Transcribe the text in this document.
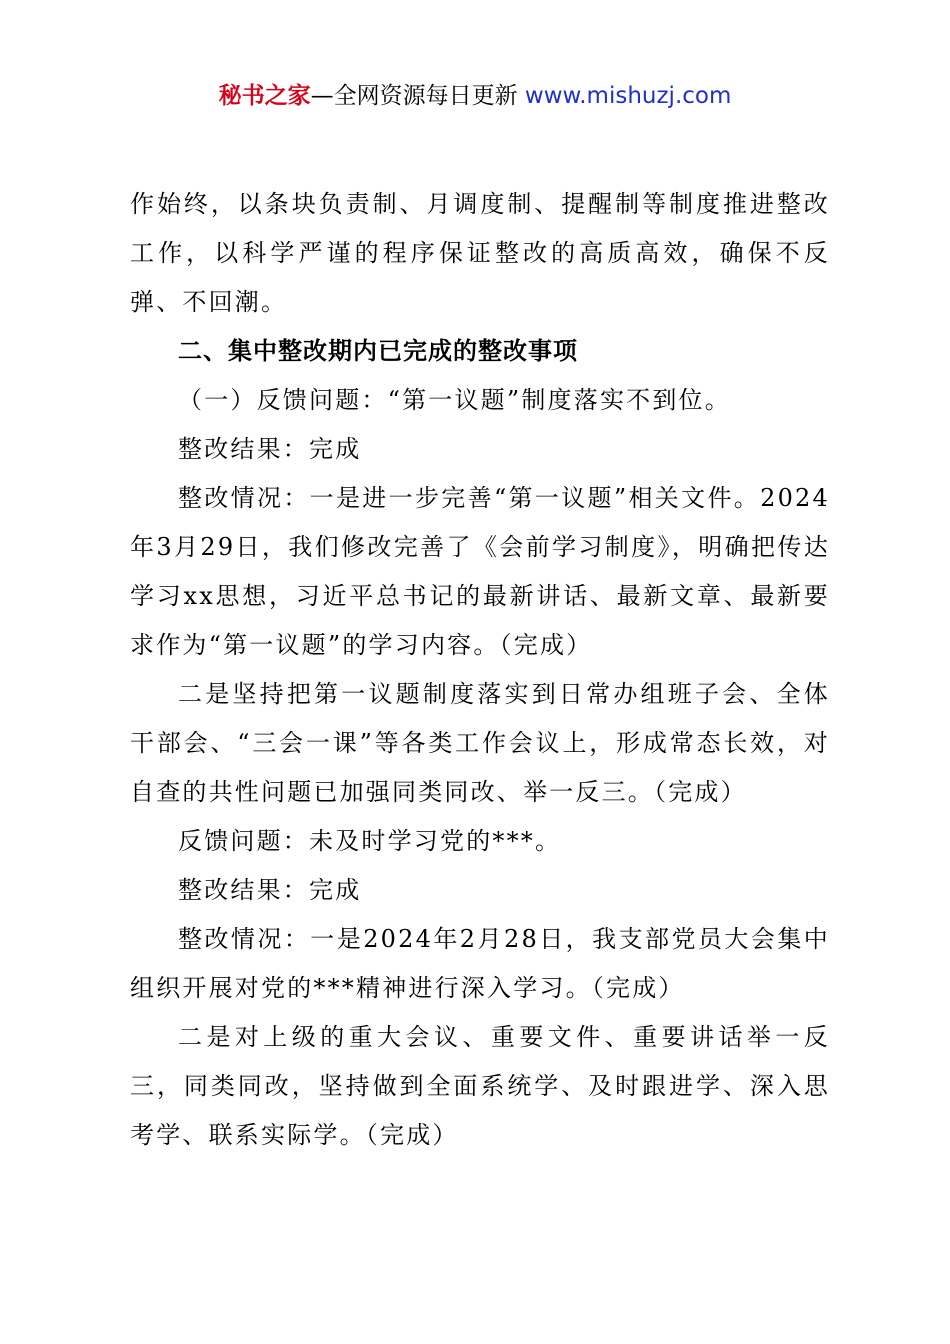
秘书之家—全网资源每日更新 www.mishuzj.com

作始终，以条块负责制、月调度制、提醒制等制度推进整改工作，以科学严谨的程序保证整改的高质高效，确保不反弹、不回潮。

二、集中整改期内已完成的整改事项

（一）反馈问题：“第一议题”制度落实不到位。

整改结果：完成

整改情况：一是进一步完善“第一议题”相关文件。2024年3月29日，我们修改完善了《会前学习制度》，明确把传达学习xx思想，习近平总书记的最新讲话、最新文章、最新要求作为“第一议题”的学习内容。（完成）

二是坚持把第一议题制度落实到日常办组班子会、全体干部会、“三会一课”等各类工作会议上，形成常态长效，对自查的共性问题已加强同类同改、举一反三。（完成）

反馈问题：未及时学习党的***。

整改结果：完成

整改情况：一是2024年2月28日，我支部党员大会集中组织开展对党的***精神进行深入学习。（完成）

二是对上级的重大会议、重要文件、重要讲话举一反三，同类同改，坚持做到全面系统学、及时跟进学、深入思考学、联系实际学。（完成）
